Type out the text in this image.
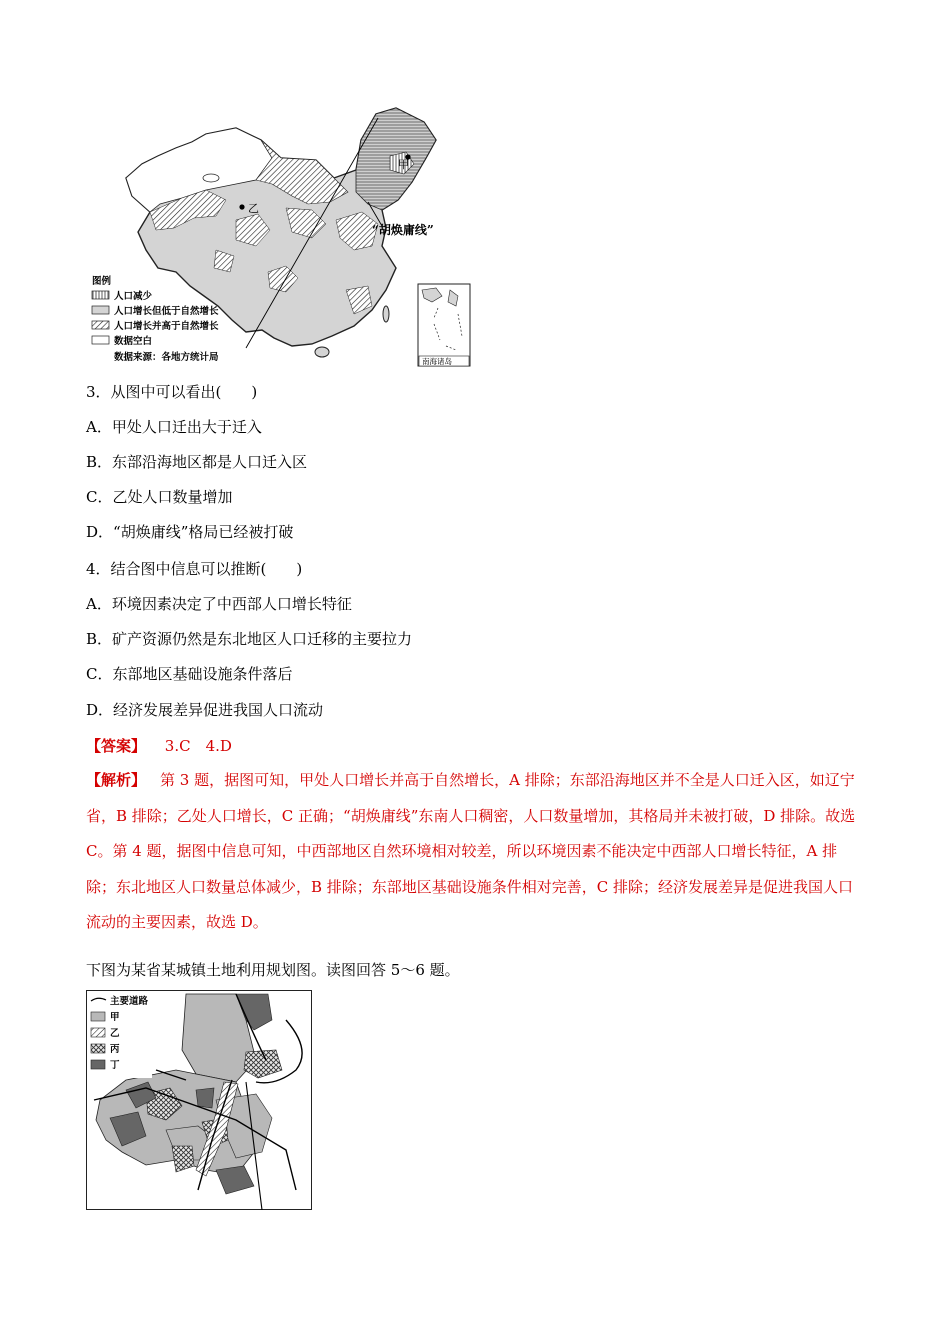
甲
乙
“胡焕庸线”
图例
人口减少
人口增长但低于自然增长
人口增长并高于自然增长
数据空白
数据来源：各地方统计局	南海诸岛
3．从图中可以看出(　　)
A．甲处人口迁出大于迁入
B．东部沿海地区都是人口迁入区
C．乙处人口数量增加
D．“胡焕庸线”格局已经被打破
4．结合图中信息可以推断(　　)
A．环境因素决定了中西部人口增长特征
B．矿产资源仍然是东北地区人口迁移的主要拉力
C．东部地区基础设施条件落后
D．经济发展差异促进我国人口流动
【答案】 3.C　4.D
【解析】 第 3 题，据图可知，甲处人口增长并高于自然增长，A 排除；东部沿海地区并不全是人口迁入区，如辽宁省，B 排除；乙处人口增长，C 正确；“胡焕庸线”东南人口稠密，人口数量增加，其格局并未被打破，D 排除。故选 C。第 4 题，据图中信息可知，中西部地区自然环境相对较差，所以环境因素不能决定中西部人口增长特征，A 排除；东北地区人口数量总体减少，B 排除；东部地区基础设施条件相对完善，C 排除；经济发展差异是促进我国人口流动的主要因素，故选 D。
下图为某省某城镇土地利用规划图。读图回答 5～6 题。
主要道路
甲
乙
丙
丁
